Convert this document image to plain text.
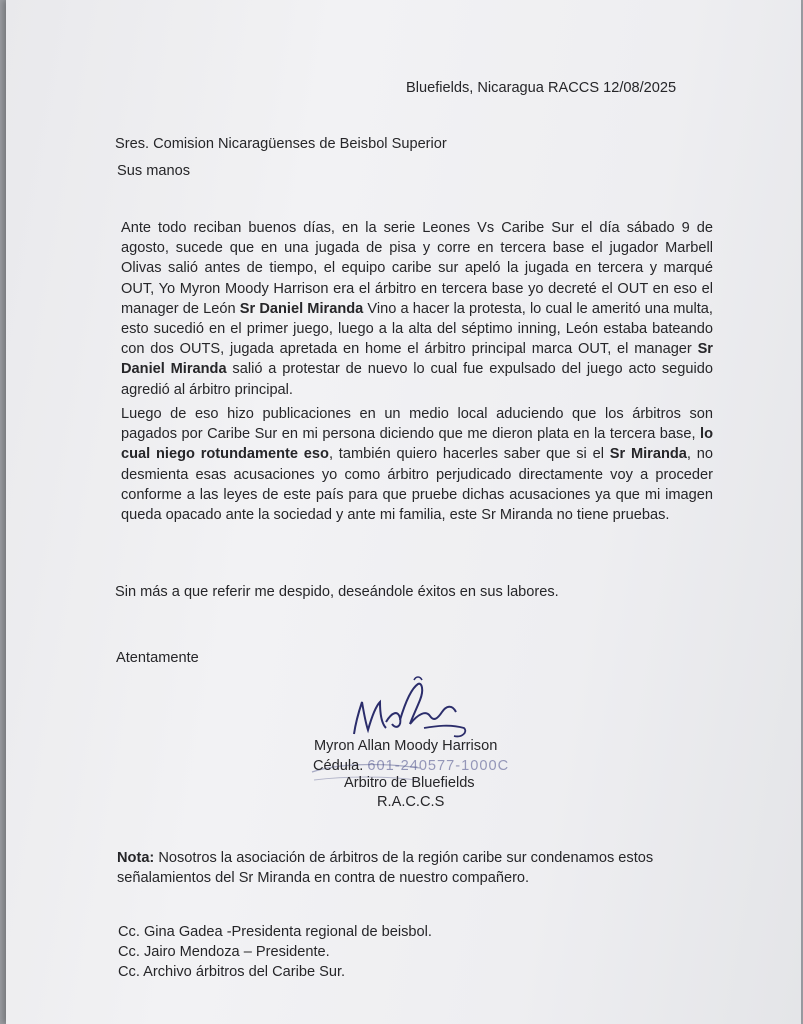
Bluefields, Nicaragua RACCS 12/08/2025
Sres. Comision Nicaragüenses de Beisbol Superior
Sus manos
Ante todo reciban buenos días, en la serie Leones Vs Caribe Sur el día sábado 9 de agosto, sucede que en una jugada de pisa y corre en tercera base el jugador Marbell Olivas salió antes de tiempo, el equipo caribe sur apeló la jugada en tercera y marqué OUT, Yo Myron Moody Harrison era el árbitro en tercera base yo decreté el OUT en eso el manager de León Sr Daniel Miranda Vino a hacer la protesta, lo cual le ameritó una multa, esto sucedió en el primer juego, luego a la alta del séptimo inning, León estaba bateando con dos OUTS, jugada apretada en home el árbitro principal marca OUT, el manager Sr Daniel Miranda salió a protestar de nuevo lo cual fue expulsado del juego acto seguido agredió al árbitro principal.
Luego de eso hizo publicaciones en un medio local aduciendo que los árbitros son pagados por Caribe Sur en mi persona diciendo que me dieron plata en la tercera base, lo cual niego rotundamente eso, también quiero hacerles saber que si el Sr Miranda, no desmienta esas acusaciones yo como árbitro perjudicado directamente voy a proceder conforme a las leyes de este país para que pruebe dichas acusaciones ya que mi imagen queda opacado ante la sociedad y ante mi familia, este Sr Miranda no tiene pruebas.
Sin más a que referir me despido, deseándole éxitos en sus labores.
Atentamente
Myron Allan Moody Harrison
Cédula. 601-240577-1000C
Arbitro de Bluefields
R.A.C.C.S
Nota: Nosotros la asociación de árbitros de la región caribe sur condenamos estos señalamientos del Sr Miranda en contra de nuestro compañero.
Cc. Gina Gadea -Presidenta regional de beisbol.
Cc. Jairo Mendoza – Presidente.
Cc. Archivo árbitros del Caribe Sur.
